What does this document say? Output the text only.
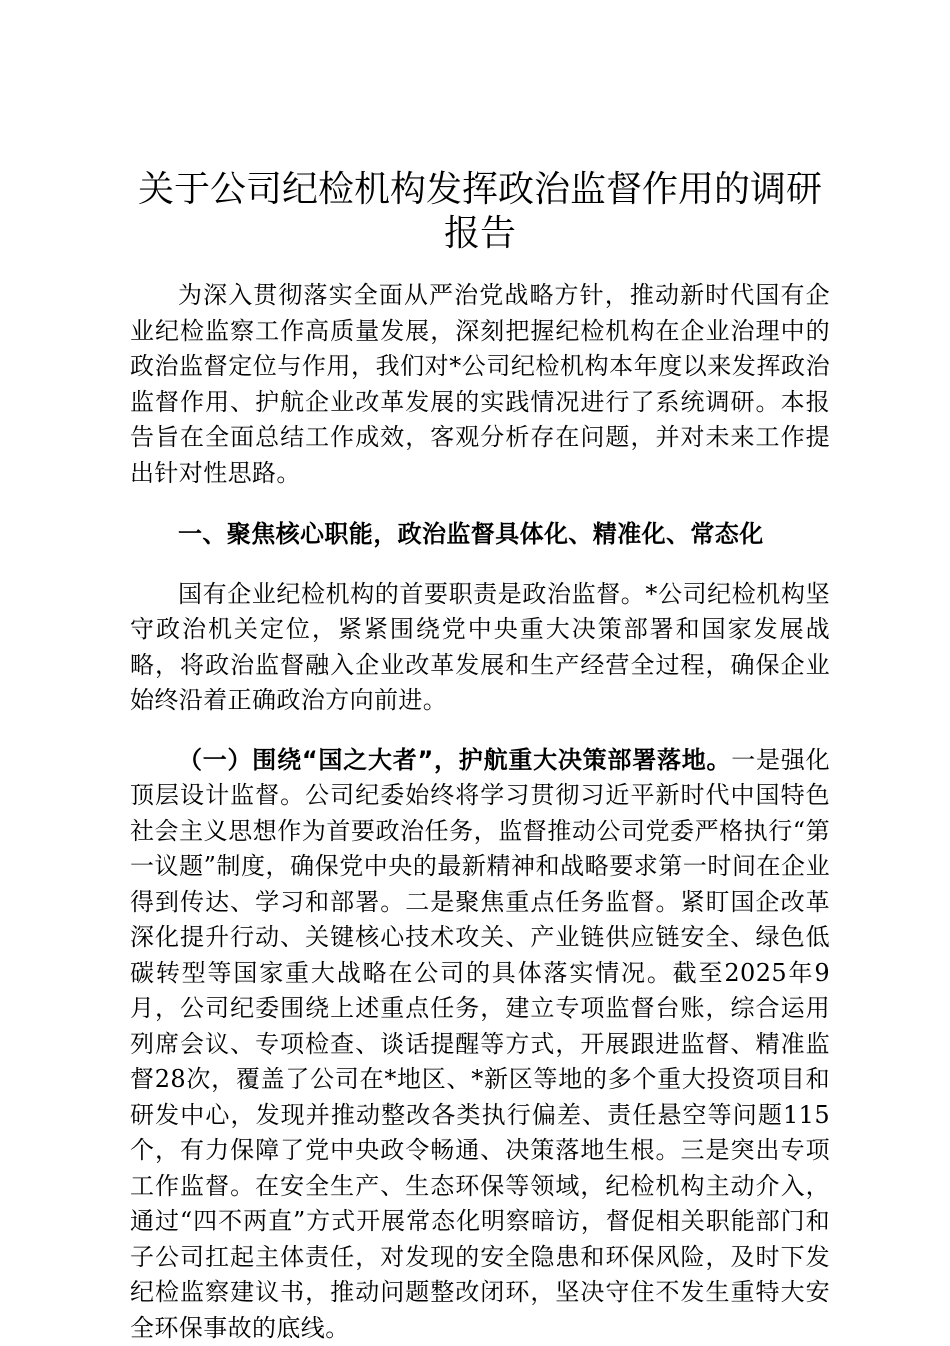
关于公司纪检机构发挥政治监督作用的调研报告

为深入贯彻落实全面从严治党战略方针，推动新时代国有企业纪检监察工作高质量发展，深刻把握纪检机构在企业治理中的政治监督定位与作用，我们对*公司纪检机构本年度以来发挥政治监督作用、护航企业改革发展的实践情况进行了系统调研。本报告旨在全面总结工作成效，客观分析存在问题，并对未来工作提出针对性思路。

一、聚焦核心职能，政治监督具体化、精准化、常态化

国有企业纪检机构的首要职责是政治监督。*公司纪检机构坚守政治机关定位，紧紧围绕党中央重大决策部署和国家发展战略，将政治监督融入企业改革发展和生产经营全过程，确保企业始终沿着正确政治方向前进。

（一）围绕“国之大者”，护航重大决策部署落地。一是强化顶层设计监督。公司纪委始终将学习贯彻习近平新时代中国特色社会主义思想作为首要政治任务，监督推动公司党委严格执行“第一议题”制度，确保党中央的最新精神和战略要求第一时间在企业得到传达、学习和部署。二是聚焦重点任务监督。紧盯国企改革深化提升行动、关键核心技术攻关、产业链供应链安全、绿色低碳转型等国家重大战略在公司的具体落实情况。截至2025年9月，公司纪委围绕上述重点任务，建立专项监督台账，综合运用列席会议、专项检查、谈话提醒等方式，开展跟进监督、精准监督28次，覆盖了公司在*地区、*新区等地的多个重大投资项目和研发中心，发现并推动整改各类执行偏差、责任悬空等问题115个，有力保障了党中央政令畅通、决策落地生根。三是突出专项工作监督。在安全生产、生态环保等领域，纪检机构主动介入，通过“四不两直”方式开展常态化明察暗访，督促相关职能部门和子公司扛起主体责任，对发现的安全隐患和环保风险，及时下发纪检监察建议书，推动问题整改闭环，坚决守住不发生重特大安全环保事故的底线。
